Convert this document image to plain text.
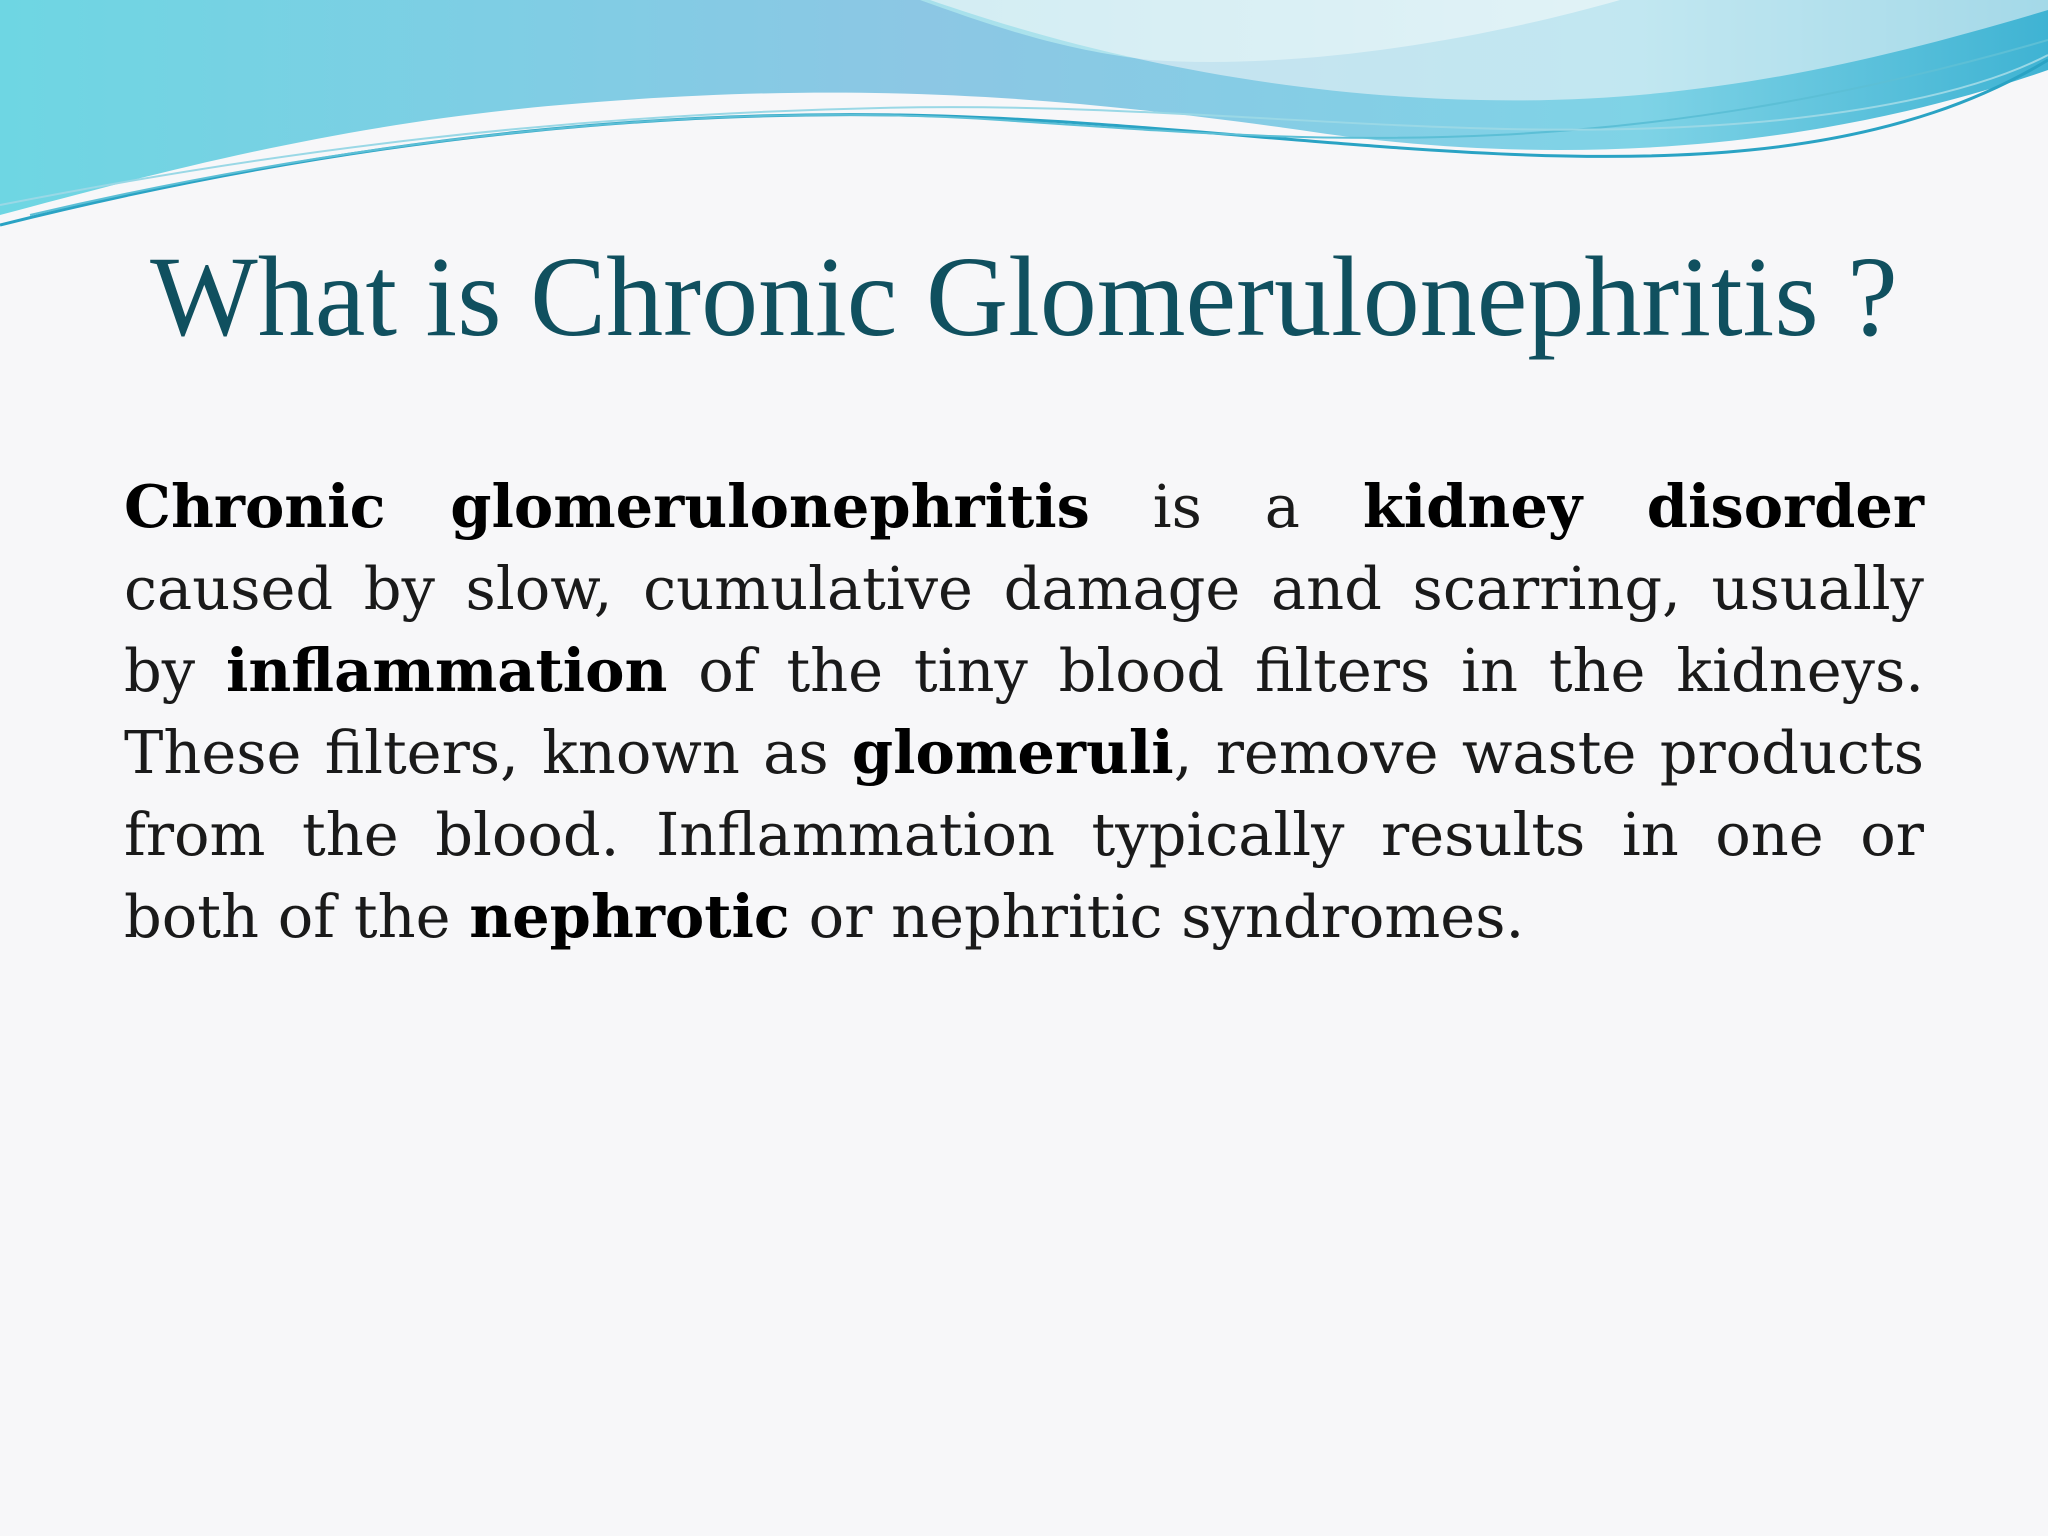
What is Chronic Glomerulonephritis ?
Chronic glomerulonephritis is a kidney disorder caused by slow, cumulative damage and scarring, usually by inflammation of the tiny blood filters in the kidneys. These filters, known as glomeruli, remove waste products from the blood. Inflammation typically results in one or both of the nephrotic or nephritic syndromes.
